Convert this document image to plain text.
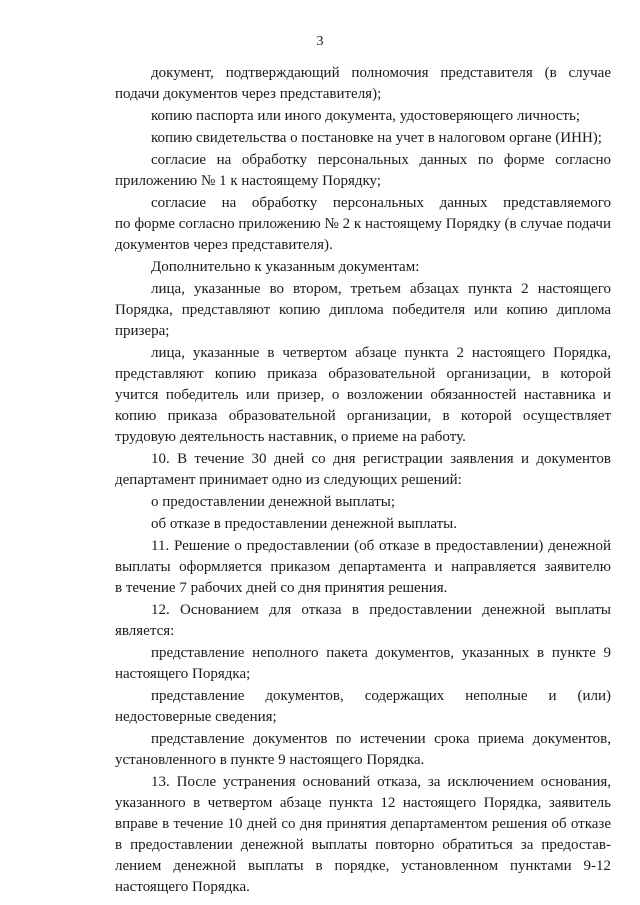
3
документ, подтверждающий полномочия представителя (в случае
подачи документов через представителя);
копию паспорта или иного документа, удостоверяющего личность;
копию свидетельства о постановке на учет в налоговом органе (ИНН);
согласие на обработку персональных данных по форме согласно
приложению № 1 к настоящему Порядку;
согласие на обработку персональных данных представляемого
по форме согласно приложению № 2 к настоящему Порядку (в случае подачи
документов через представителя).
Дополнительно к указанным документам:
лица, указанные во втором, третьем абзацах пункта 2 настоящего
Порядка, представляют копию диплома победителя или копию диплома
призера;
лица, указанные в четвертом абзаце пункта 2 настоящего Порядка,
представляют копию приказа образовательной организации, в которой
учится победитель или призер, о возложении обязанностей наставника и
копию приказа образовательной организации, в которой осуществляет
трудовую деятельность наставник, о приеме на работу.
10. В течение 30 дней со дня регистрации заявления и документов
департамент принимает одно из следующих решений:
о предоставлении денежной выплаты;
об отказе в предоставлении денежной выплаты.
11. Решение о предоставлении (об отказе в предоставлении) денежной
выплаты оформляется приказом департамента и направляется заявителю
в течение 7 рабочих дней со дня принятия решения.
12. Основанием для отказа в предоставлении денежной выплаты
является:
представление неполного пакета документов, указанных в пункте 9
настоящего Порядка;
представление документов, содержащих неполные и (или)
недостоверные сведения;
представление документов по истечении срока приема документов,
установленного в пункте 9 настоящего Порядка.
13. После устранения оснований отказа, за исключением основания,
указанного в четвертом абзаце пункта 12 настоящего Порядка, заявитель
вправе в течение 10 дней со дня принятия департаментом решения об отказе
в предоставлении денежной выплаты повторно обратиться за предостав-
лением денежной выплаты в порядке, установленном пунктами 9-12
настоящего Порядка.
